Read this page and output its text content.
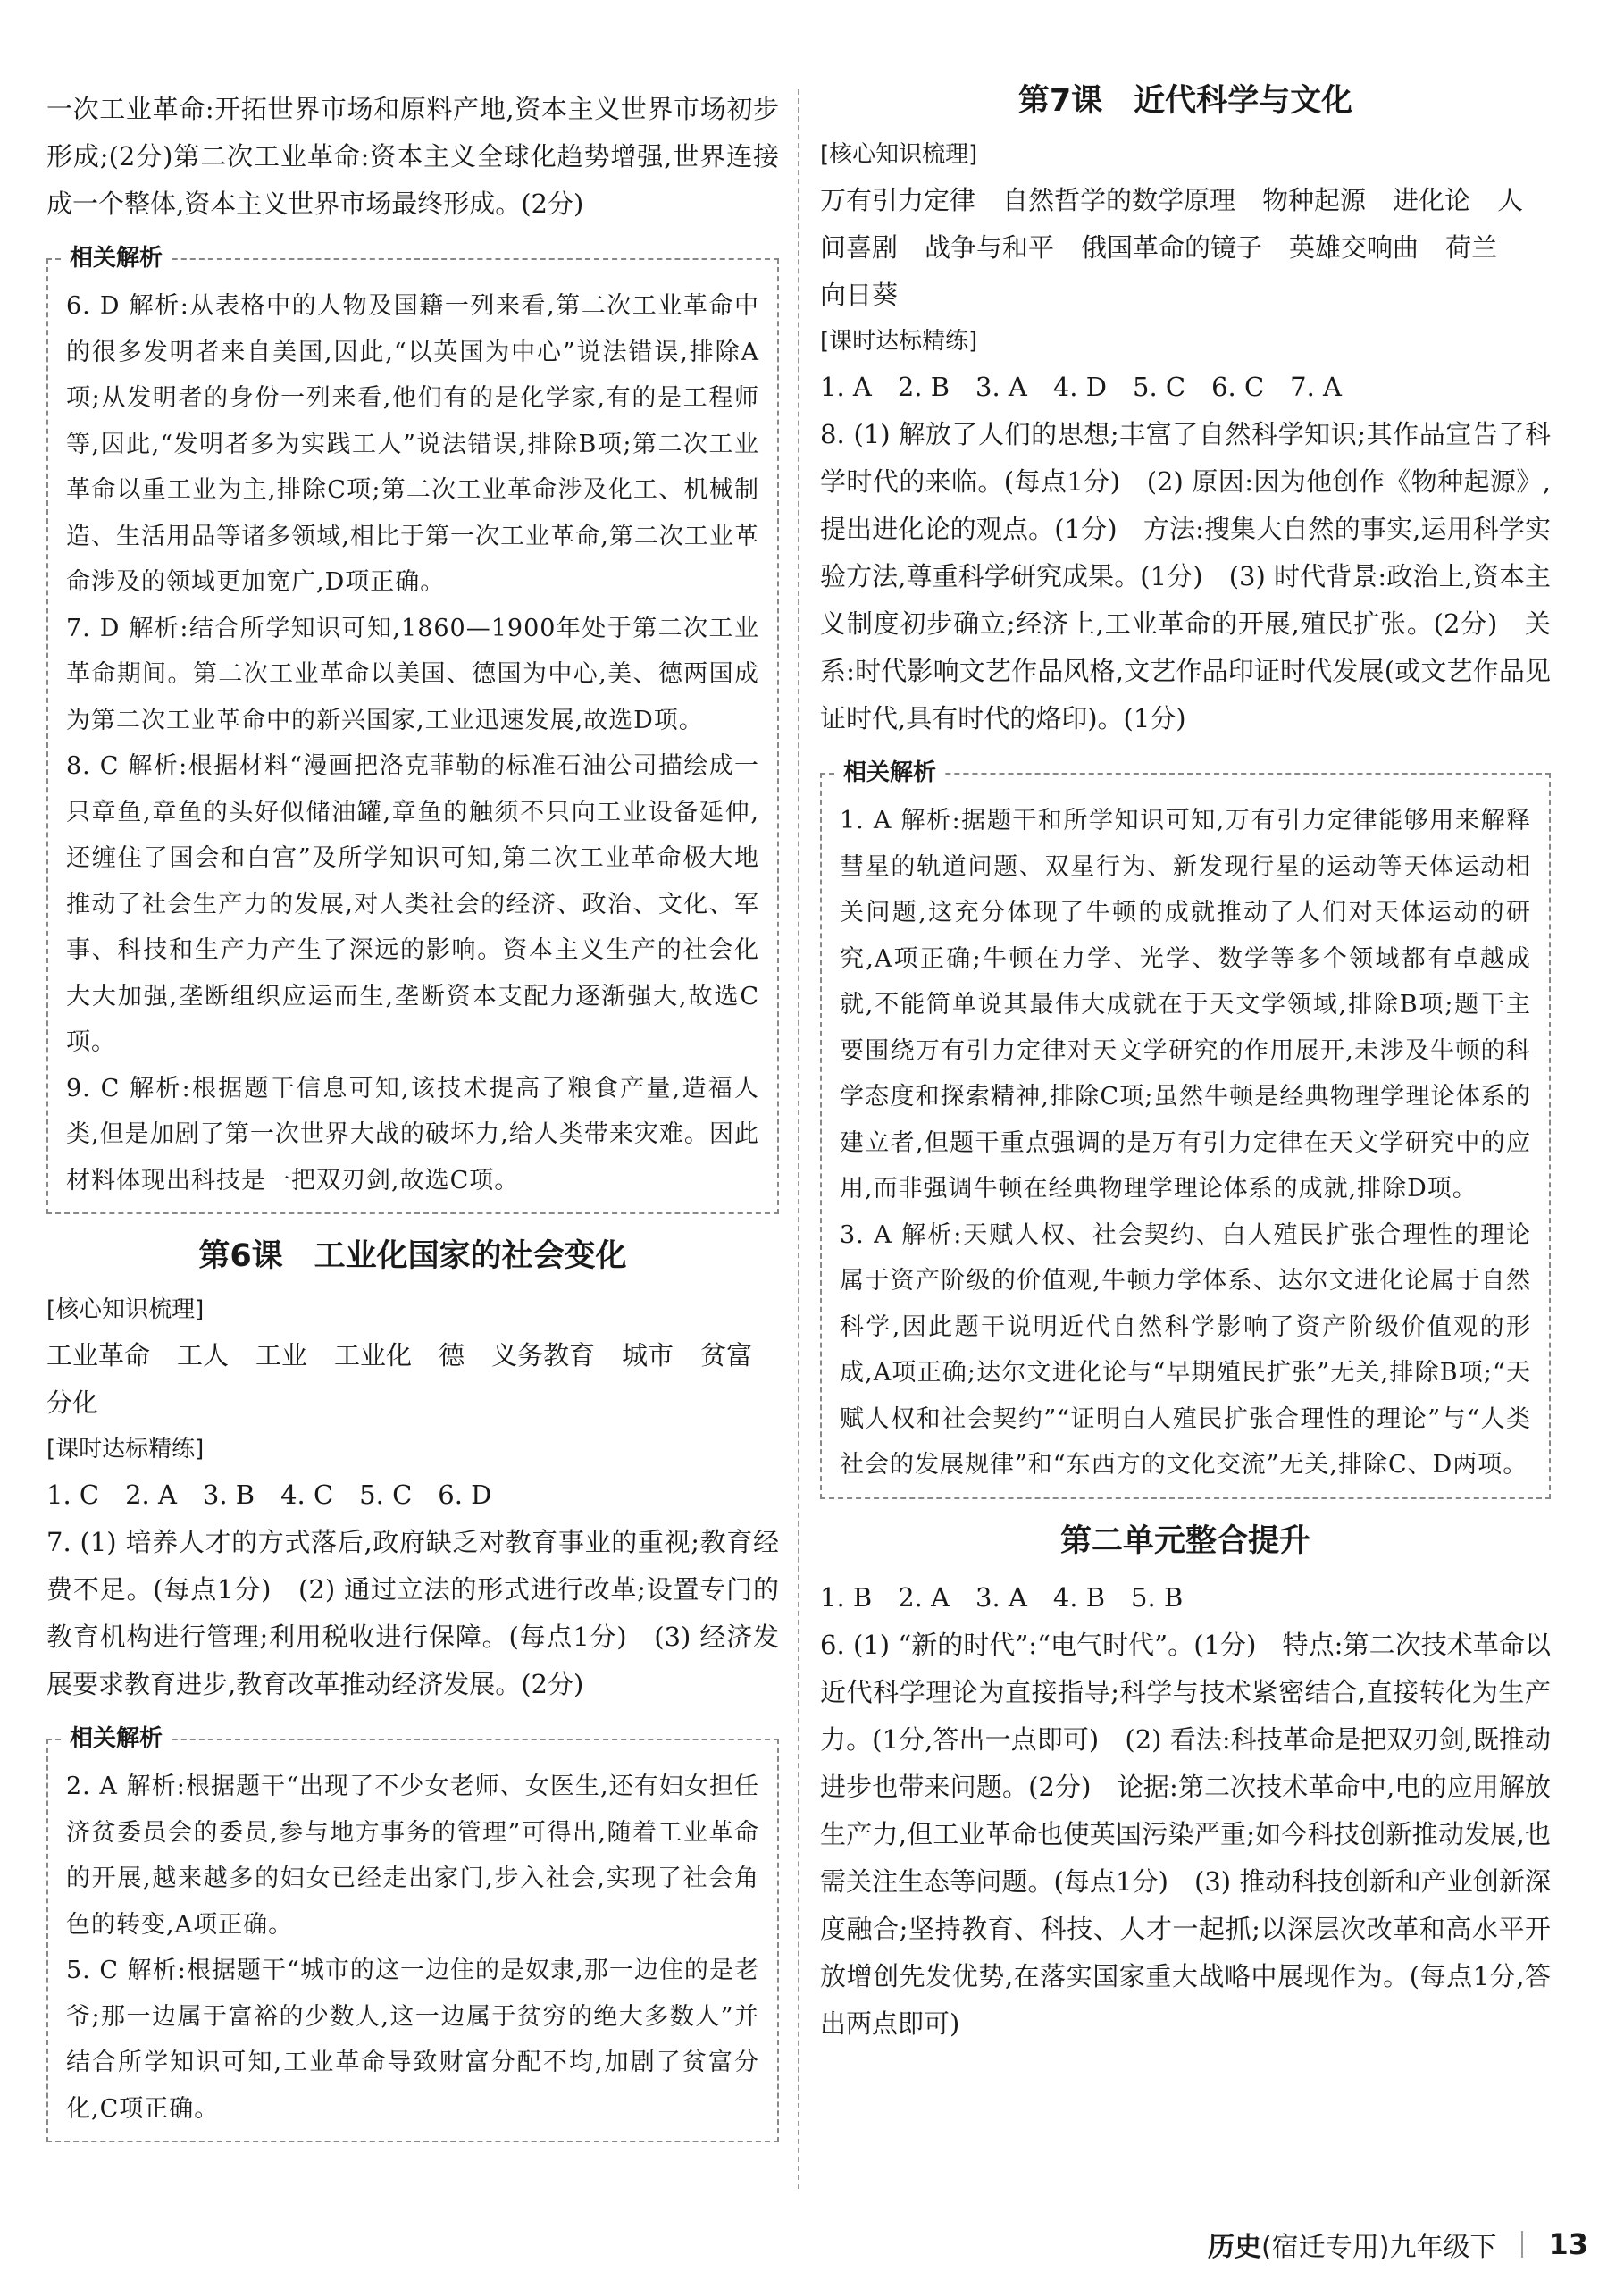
一次工业革命:开拓世界市场和原料产地,资本主义世界市场初步形成;(2分)第二次工业革命:资本主义全球化趋势增强,世界连接成一个整体,资本主义世界市场最终形成。(2分)

相关解析

6. D 解析:从表格中的人物及国籍一列来看,第二次工业革命中的很多发明者来自美国,因此,“以英国为中心”说法错误,排除A项;从发明者的身份一列来看,他们有的是化学家,有的是工程师等,因此,“发明者多为实践工人”说法错误,排除B项;第二次工业革命以重工业为主,排除C项;第二次工业革命涉及化工、机械制造、生活用品等诸多领域,相比于第一次工业革命,第二次工业革命涉及的领域更加宽广,D项正确。

7. D 解析:结合所学知识可知,1860—1900年处于第二次工业革命期间。第二次工业革命以美国、德国为中心,美、德两国成为第二次工业革命中的新兴国家,工业迅速发展,故选D项。

8. C 解析:根据材料“漫画把洛克菲勒的标准石油公司描绘成一只章鱼,章鱼的头好似储油罐,章鱼的触须不只向工业设备延伸,还缠住了国会和白宫”及所学知识可知,第二次工业革命极大地推动了社会生产力的发展,对人类社会的经济、政治、文化、军事、科技和生产力产生了深远的影响。资本主义生产的社会化大大加强,垄断组织应运而生,垄断资本支配力逐渐强大,故选C项。

9. C 解析:根据题干信息可知,该技术提高了粮食产量,造福人类,但是加剧了第一次世界大战的破坏力,给人类带来灾难。因此材料体现出科技是一把双刃剑,故选C项。

第6课　工业化国家的社会变化
[核心知识梳理]

工业革命 工人 工业 工业化 德 义务教育 城市 贫富

分化

[课时达标精练]

1. C　2. A　3. B　4. C　5. C　6. D

7. (1) 培养人才的方式落后,政府缺乏对教育事业的重视;教育经费不足。(每点1分)　(2) 通过立法的形式进行改革;设置专门的教育机构进行管理;利用税收进行保障。(每点1分)　(3) 经济发展要求教育进步,教育改革推动经济发展。(2分)

相关解析

2. A 解析:根据题干“出现了不少女老师、女医生,还有妇女担任济贫委员会的委员,参与地方事务的管理”可得出,随着工业革命的开展,越来越多的妇女已经走出家门,步入社会,实现了社会角色的转变,A项正确。

5. C 解析:根据题干“城市的这一边住的是奴隶,那一边住的是老爷;那一边属于富裕的少数人,这一边属于贫穷的绝大多数人”并结合所学知识可知,工业革命导致财富分配不均,加剧了贫富分化,C项正确。

第7课　近代科学与文化
[核心知识梳理]

万有引力定律 自然哲学的数学原理 物种起源 进化论 人

间喜剧 战争与和平 俄国革命的镜子 英雄交响曲 荷兰

向日葵

[课时达标精练]

1. A　2. B　3. A　4. D　5. C　6. C　7. A

8. (1) 解放了人们的思想;丰富了自然科学知识;其作品宣告了科学时代的来临。(每点1分)　(2) 原因:因为他创作《物种起源》,提出进化论的观点。(1分)　方法:搜集大自然的事实,运用科学实验方法,尊重科学研究成果。(1分)　(3) 时代背景:政治上,资本主义制度初步确立;经济上,工业革命的开展,殖民扩张。(2分)　关系:时代影响文艺作品风格,文艺作品印证时代发展(或文艺作品见证时代,具有时代的烙印)。(1分)

相关解析

1. A 解析:据题干和所学知识可知,万有引力定律能够用来解释彗星的轨道问题、双星行为、新发现行星的运动等天体运动相关问题,这充分体现了牛顿的成就推动了人们对天体运动的研究,A项正确;牛顿在力学、光学、数学等多个领域都有卓越成就,不能简单说其最伟大成就在于天文学领域,排除B项;题干主要围绕万有引力定律对天文学研究的作用展开,未涉及牛顿的科学态度和探索精神,排除C项;虽然牛顿是经典物理学理论体系的建立者,但题干重点强调的是万有引力定律在天文学研究中的应用,而非强调牛顿在经典物理学理论体系的成就,排除D项。

3. A 解析:天赋人权、社会契约、白人殖民扩张合理性的理论属于资产阶级的价值观,牛顿力学体系、达尔文进化论属于自然科学,因此题干说明近代自然科学影响了资产阶级价值观的形成,A项正确;达尔文进化论与“早期殖民扩张”无关,排除B项;“天赋人权和社会契约”“证明白人殖民扩张合理性的理论”与“人类社会的发展规律”和“东西方的文化交流”无关,排除C、D两项。

第二单元整合提升

1. B　2. A　3. A　4. B　5. B

6. (1) “新的时代”:“电气时代”。(1分)　特点:第二次技术革命以近代科学理论为直接指导;科学与技术紧密结合,直接转化为生产力。(1分,答出一点即可)　(2) 看法:科技革命是把双刃剑,既推动进步也带来问题。(2分)　论据:第二次技术革命中,电的应用解放生产力,但工业革命也使英国污染严重;如今科技创新推动发展,也需关注生态等问题。(每点1分)　(3) 推动科技创新和产业创新深度融合;坚持教育、科技、人才一起抓;以深层次改革和高水平开放增创先发优势,在落实国家重大战略中展现作为。(每点1分,答出两点即可)

历史 (宿迁专用) 九年级下 13
